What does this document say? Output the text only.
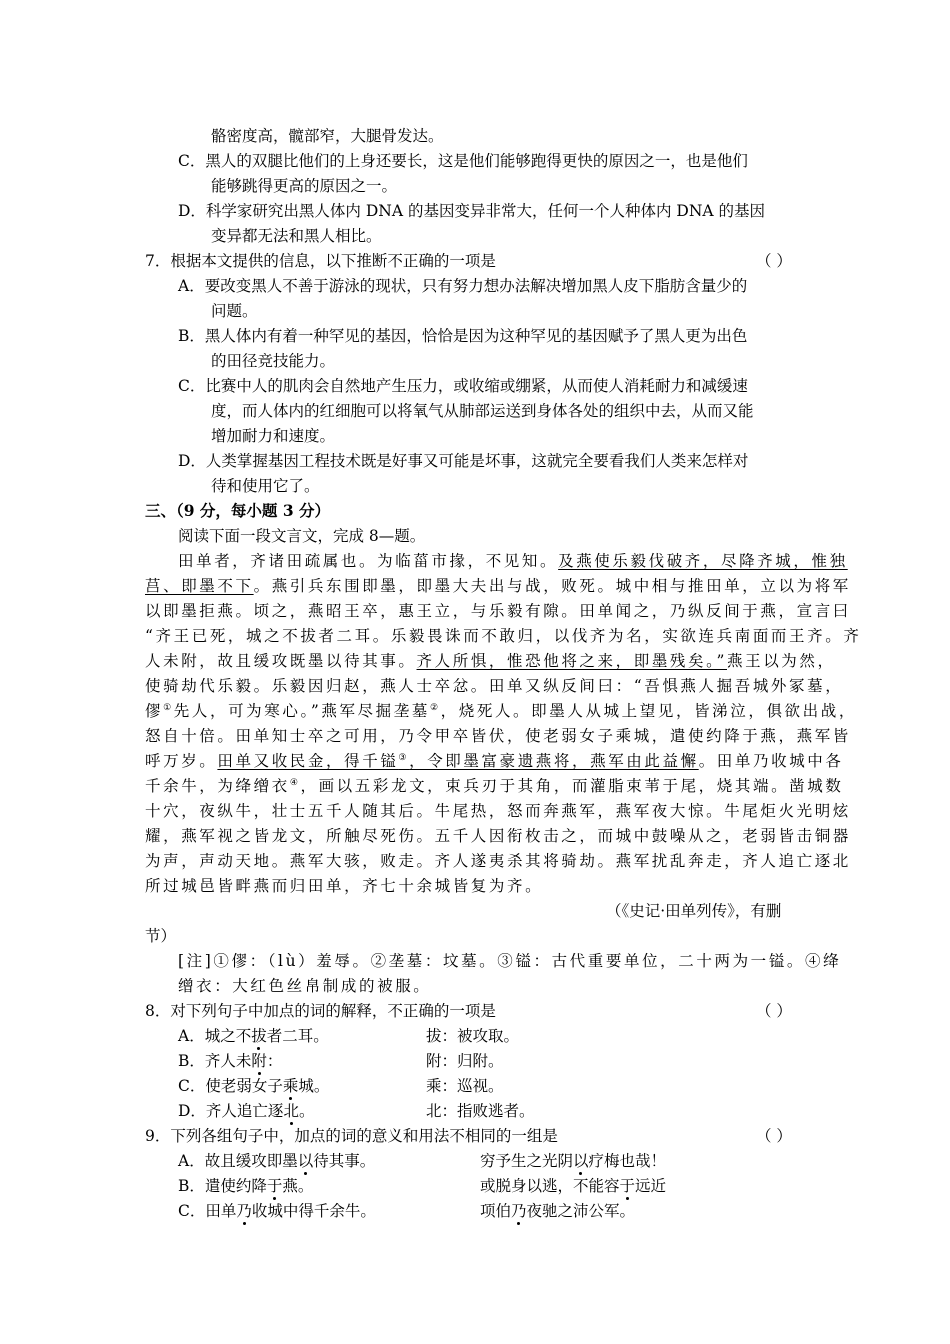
骼密度高，髋部窄，大腿骨发达。
C．黑人的双腿比他们的上身还要长，这是他们能够跑得更快的原因之一，也是他们
能够跳得更高的原因之一。
D．科学家研究出黑人体内 DNA 的基因变异非常大，任何一个人种体内 DNA 的基因
变异都无法和黑人相比。
7．根据本文提供的信息，以下推断不正确的一项是	（ ）
A．要改变黑人不善于游泳的现状，只有努力想办法解决增加黑人皮下脂肪含量少的
问题。
B．黑人体内有着一种罕见的基因，恰恰是因为这种罕见的基因赋予了黑人更为出色
的田径竞技能力。
C．比赛中人的肌肉会自然地产生压力，或收缩或绷紧，从而使人消耗耐力和减缓速
度，而人体内的红细胞可以将氧气从肺部运送到身体各处的组织中去，从而又能
增加耐力和速度。
D．人类掌握基因工程技术既是好事又可能是坏事，这就完全要看我们人类来怎样对
待和使用它了。
三、（9 分，每小题 3 分）
阅读下面一段文言文，完成 8—题。
田单者，齐诸田疏属也。为临菑市掾，不见知。及燕使乐毅伐破齐，尽降齐城，惟独
莒、即墨不下。燕引兵东围即墨，即墨大夫出与战，败死。城中相与推田单，立以为将军
以即墨拒燕。顷之，燕昭王卒，惠王立，与乐毅有隙。田单闻之，乃纵反间于燕，宣言曰
“齐王已死，城之不拔者二耳。乐毅畏诛而不敢归，以伐齐为名，实欲连兵南面而王齐。齐
人未附，故且缓攻既墨以待其事。齐人所惧，惟恐他将之来，即墨残矣。”燕王以为然，
使骑劫代乐毅。乐毅因归赵，燕人士卒忿。田单又纵反间曰：“吾惧燕人掘吾城外冢墓，
僇①先人，可为寒心。”燕军尽掘垄墓②，烧死人。即墨人从城上望见，皆涕泣，俱欲出战，
怒自十倍。田单知士卒之可用，乃令甲卒皆伏，使老弱女子乘城，遣使约降于燕，燕军皆
呼万岁。田单又收民金，得千镒③，令即墨富豪遗燕将，燕军由此益懈。田单乃收城中各
千余牛，为绛缯衣④，画以五彩龙文，束兵刃于其角，而灌脂束苇于尾，烧其端。凿城数
十穴，夜纵牛，壮士五千人随其后。牛尾热，怒而奔燕军，燕军夜大惊。牛尾炬火光明炫
耀，燕军视之皆龙文，所触尽死伤。五千人因衔枚击之，而城中鼓噪从之，老弱皆击铜器
为声，声动天地。燕军大骇，败走。齐人遂夷杀其将骑劫。燕军扰乱奔走，齐人追亡逐北
所过城邑皆畔燕而归田单，齐七十余城皆复为齐。
（《史记·田单列传》，有删
节）
[注]①僇：（lù）羞辱。②垄墓：坟墓。③镒：古代重要单位，二十两为一镒。④绛
缯衣：大红色丝帛制成的被服。
8．对下列句子中加点的词的解释，不正确的一项是	（ ）
A．城之不拔者二耳。	拔：被攻取。
B．齐人未附：	附：归附。
C．使老弱女子乘城。	乘：巡视。
D．齐人追亡逐北。	北：指败逃者。
9．下列各组句子中，加点的词的意义和用法不相同的一组是	（ ）
A．故且缓攻即墨以待其事。	穷予生之光阴以疗梅也哉！
B．遣使约降于燕。	或脱身以逃，不能容于远近
C．田单乃收城中得千余牛。	项伯乃夜驰之沛公军。
